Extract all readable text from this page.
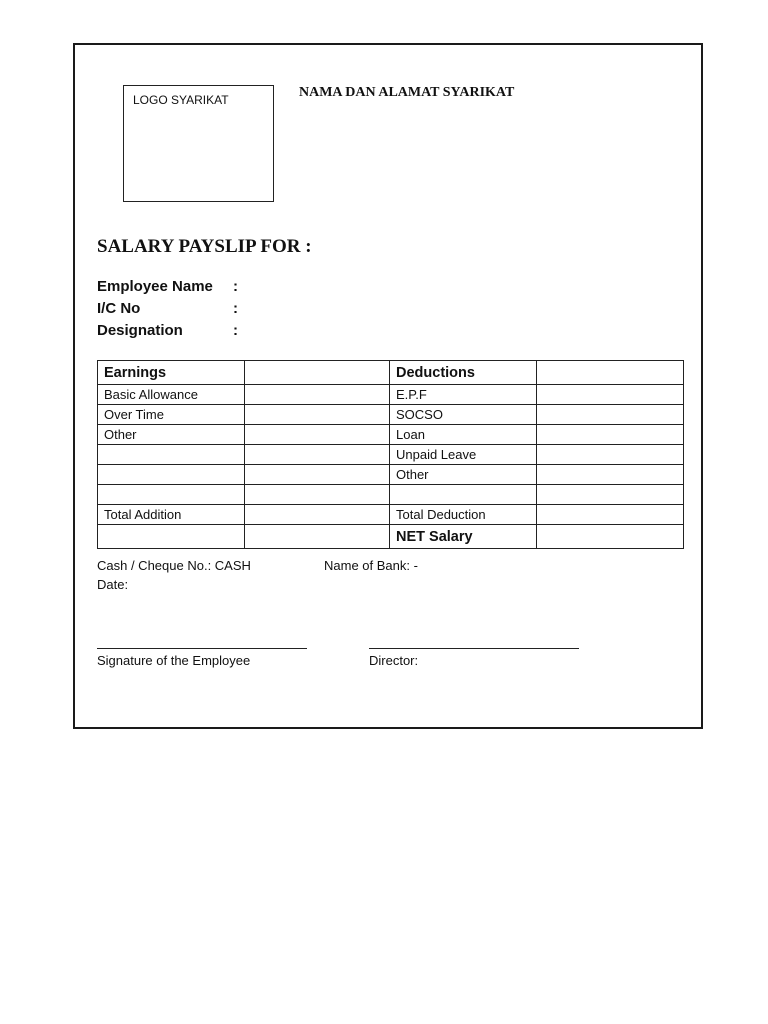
LOGO SYARIKAT	NAMA DAN ALAMAT SYARIKAT
SALARY PAYSLIP FOR :
Employee Name :
I/C No	:
Designation	:
Earnings		Deductions	
Basic Allowance		E.P.F	
Over Time		SOCSO	
Other		Loan	
		Unpaid Leave	
		Other	

Total Addition		Total Deduction	
		NET Salary	
Cash / Cheque No.: CASH	Name of Bank: -
Date:
Signature of the Employee	Director:
